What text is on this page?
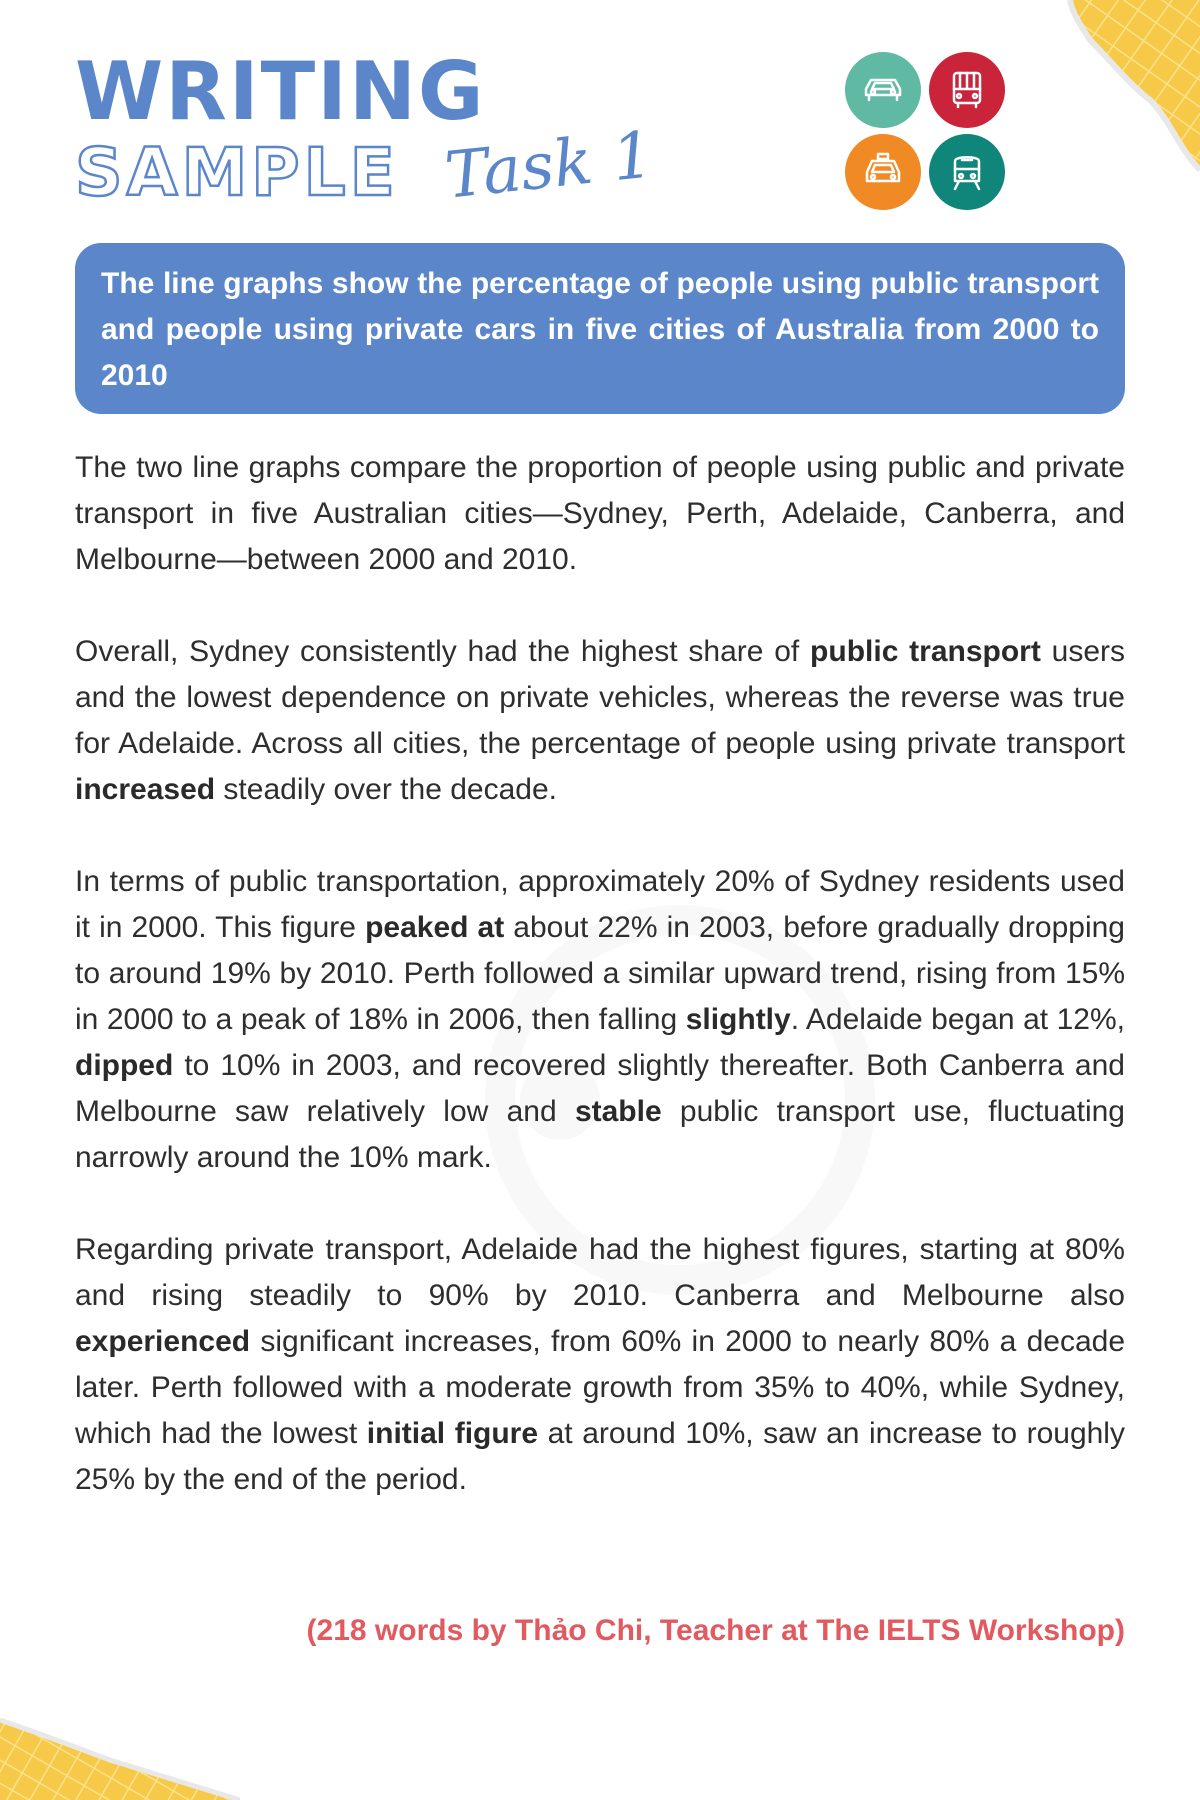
WRITING
SAMPLE Task 1
The line graphs show the percentage of people using public transport and people using private cars in five cities of Australia from 2000 to 2010

The two line graphs compare the proportion of people using public and private transport in five Australian cities—Sydney, Perth, Adelaide, Canberra, and Melbourne—between 2000 and 2010.

Overall, Sydney consistently had the highest share of public transport users and the lowest dependence on private vehicles, whereas the reverse was true for Adelaide. Across all cities, the percentage of people using private transport increased steadily over the decade.

In terms of public transportation, approximately 20% of Sydney residents used it in 2000. This figure peaked at about 22% in 2003, before gradually dropping to around 19% by 2010. Perth followed a similar upward trend, rising from 15% in 2000 to a peak of 18% in 2006, then falling slightly. Adelaide began at 12%, dipped to 10% in 2003, and recovered slightly thereafter. Both Canberra and Melbourne saw relatively low and stable public transport use, fluctuating narrowly around the 10% mark.

Regarding private transport, Adelaide had the highest figures, starting at 80% and rising steadily to 90% by 2010. Canberra and Melbourne also experienced significant increases, from 60% in 2000 to nearly 80% a decade later. Perth followed with a moderate growth from 35% to 40%, while Sydney, which had the lowest initial figure at around 10%, saw an increase to roughly 25% by the end of the period.

(218 words by Thảo Chi, Teacher at The IELTS Workshop)
